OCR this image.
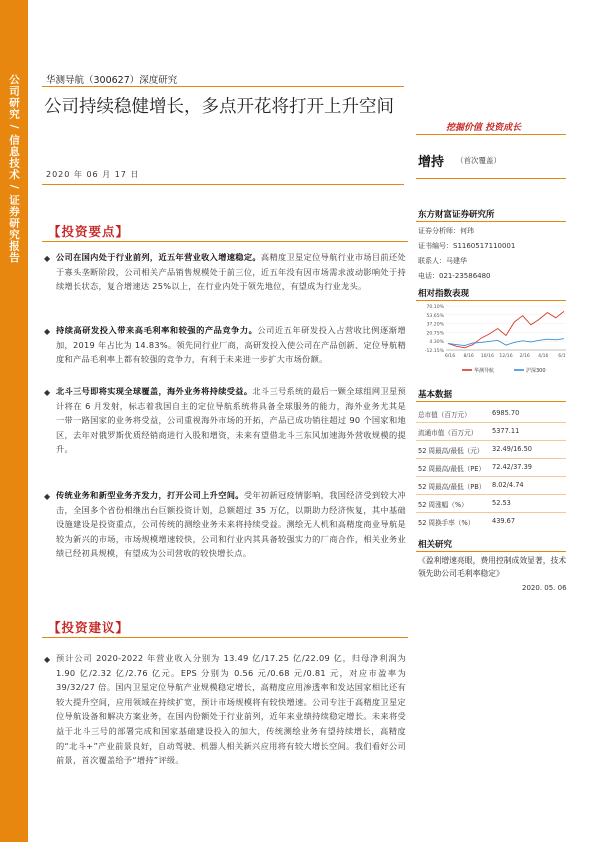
公司研究 / 信息技术 / 证券研究报告	华测导航（300627）深度研究
公司持续稳健增长，多点开花将打开上升空间
2020 年 06 月 17 日
【投资要点】
◆ 公司在国内处于行业前列，近五年营业收入增速稳定。高精度卫星定位导航行业市场目前还处于寡头垄断阶段，公司相关产品销售规模处于前三位，近五年没有因市场需求波动影响处于持续增长状态，复合增速达 25%以上，在行业内处于领先地位，有望成为行业龙头。
◆ 持续高研发投入带来高毛利率和较强的产品竞争力。公司近五年研发投入占营收比例逐渐增加，2019 年占比为 14.83%。领先同行业厂商，高研发投入使公司在产品创新、定位导航精度和产品毛利率上都有较强的竞争力，有利于未来进一步扩大市场份额。
◆ 北斗三号即将实现全球覆盖，海外业务将持续受益。北斗三号系统的最后一颗全球组网卫星预计将在 6 月发射，标志着我国自主的定位导航系统将具备全球服务的能力，海外业务尤其是一带一路国家的业务将受益，公司重视海外市场的开拓，产品已成功销往超过 90 个国家和地区，去年对俄罗斯优质经销商进行入股和增资，未来有望借北斗三东风加速海外营收规模的提升。
◆ 传统业务和新型业务齐发力，打开公司上升空间。受年初新冠疫情影响，我国经济受到较大冲击，全国多个省份相继出台巨额投资计划，总额超过 35 万亿，以期助力经济恢复，其中基础设施建设是投资重点，公司传统的测绘业务未来将持续受益。测绘无人机和高精度商业导航是较为新兴的市场，市场规模增速较快，公司和行业内其具备较强实力的厂商合作，相关业务业绩已经初具规模，有望成为公司营收的较快增长点。
【投资建议】
◆ 预计公司 2020-2022 年营业收入分别为 13.49 亿/17.25 亿/22.09 亿，归母净利润为 1.90 亿/2.32 亿/2.76 亿元。EPS 分别为 0.56 元/0.68 元/0.81 元，对应市盈率为 39/32/27 倍。国内卫星定位导航产业规模稳定增长，高精度应用渗透率和发达国家相比还有较大提升空间，应用领域在持续扩宽，预计市场规模将有较快增速。公司专注于高精度卫星定位导航设备和解决方案业务，在国内份额处于行业前列，近年来业绩持续稳定增长。未来将受益于北斗三号的部署完成和国家基础建设投入的加大，传统测绘业务有望持续增长，高精度的“北斗+”产业前景良好，自动驾驶、机器人相关新兴应用将有较大增长空间。我们看好公司前景，首次覆盖给予“增持”评级。
挖掘价值 投资成长
增持 （首次覆盖）
东方财富证券研究所
证券分析师：何玮
证书编号：S1160517110001
联系人：马建华
电话：021-23586480
相对指数表现
70.10%
53.65%
37.20%
20.75%
4.30%
-12.15%
6/16 8/16 10/16 12/16 2/16 4/16 6/1
华测导航	沪深300
基本数据
总市值（百万元）	6985.70
流通市值（百万元） 5377.11
52 周最高/最低（元） 32.49/16.50
52 周最高/最低（PE） 72.42/37.39
52 周最高/最低（PB） 8.02/4.74
52 周涨幅（%）	52.53
52 周换手率（%）	439.67
相关研究
《盈利增速亮眼，费用控制成效显著，技术领先助公司毛利率稳定》
2020. 05. 06
